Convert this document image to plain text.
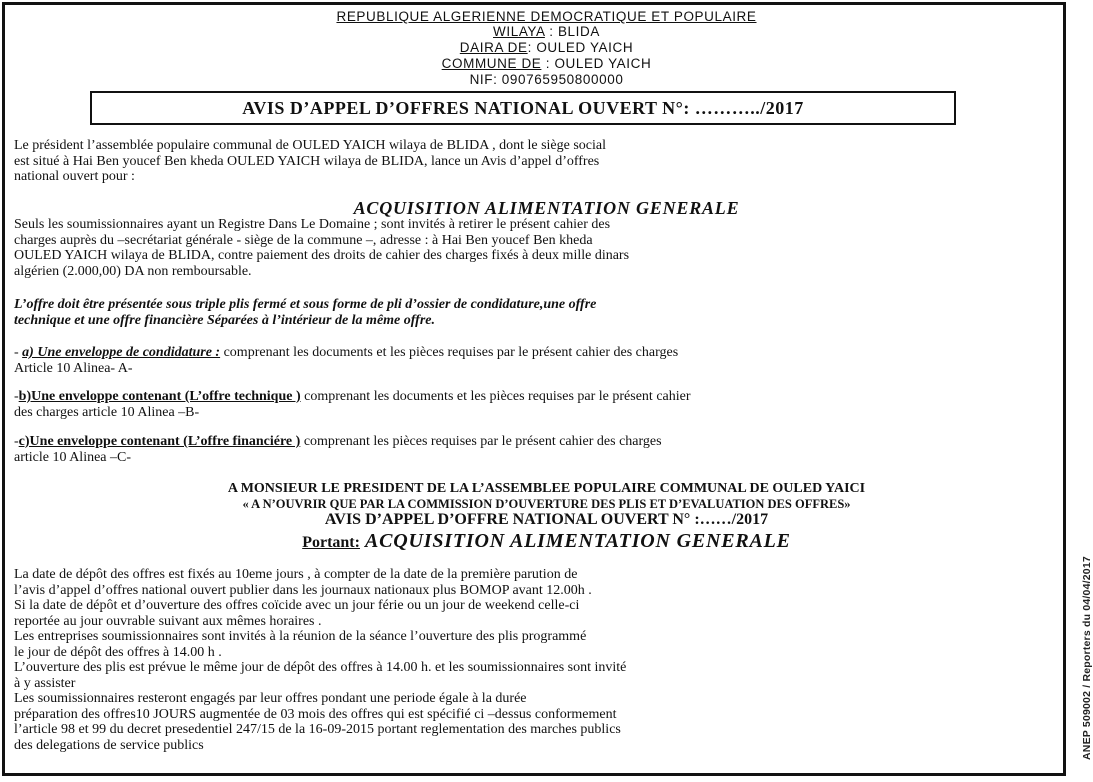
ANEP 509002 / Reporters du 04/04/2017
REPUBLIQUE ALGERIENNE DEMOCRATIQUE ET POPULAIRE
WILAYA : BLIDA
DAIRA DE: OULED YAICH
COMMUNE DE : OULED YAICH
NIF: 090765950800000
AVIS D’APPEL D’OFFRES NATIONAL OUVERT N°: ………../2017
Le président l’assemblée populaire communal de OULED YAICH wilaya de BLIDA , dont le siège social
est situé à Hai Ben youcef Ben kheda OULED YAICH wilaya de BLIDA, lance un Avis d’appel d’offres
national ouvert pour :
ACQUISITION ALIMENTATION GENERALE
Seuls les soumissionnaires ayant un Registre Dans Le Domaine ; sont invités à retirer le présent cahier des
charges auprès du –secrétariat générale - siège de la commune –, adresse : à Hai Ben youcef Ben kheda
OULED YAICH wilaya de BLIDA, contre paiement des droits de cahier des charges fixés à deux mille dinars
algérien (2.000,00) DA non remboursable.
L’offre doit être présentée sous triple plis fermé et sous forme de pli d’ossier de condidature,une offre
technique et une offre financière Séparées à l’intérieur de la même offre.
- a) Une enveloppe de condidature : comprenant les documents et les pièces requises par le présent cahier des charges
Article 10 Alinea- A-
-b)Une enveloppe contenant (L’offre technique ) comprenant les documents et les pièces requises par le présent cahier
des charges article 10 Alinea –B-
-c)Une enveloppe contenant (L’offre financiére ) comprenant les pièces requises par le présent cahier des charges
article 10 Alinea –C-
A MONSIEUR LE PRESIDENT DE LA L’ASSEMBLEE POPULAIRE COMMUNAL DE OULED YAICI
« A N’OUVRIR QUE PAR LA COMMISSION D’OUVERTURE DES PLIS ET D’EVALUATION DES OFFRES»
AVIS D’APPEL D’OFFRE NATIONAL OUVERT N° :……/2017
Portant: ACQUISITION ALIMENTATION GENERALE
La date de dépôt des offres est fixés au 10eme jours , à compter de la date de la première parution de
l’avis d’appel d’offres national ouvert publier dans les journaux nationaux plus BOMOP avant 12.00h .
Si la date de dépôt et d’ouverture des offres coïcide avec un jour férie ou un jour de weekend celle-ci
reportée au jour ouvrable suivant aux mêmes horaires .
Les entreprises soumissionnaires sont invités à la réunion de la séance l’ouverture des plis programmé
le jour de dépôt des offres à 14.00 h .
L’ouverture des plis est prévue le même jour de dépôt des offres à 14.00 h. et les soumissionnaires sont invité
à y assister
Les soumissionnaires resteront engagés par leur offres pondant une periode égale à la durée
préparation des offres10 JOURS augmentée de 03 mois des offres qui est spécifié ci –dessus conformement
l’article 98 et 99 du decret presedentiel 247/15 de la 16-09-2015 portant reglementation des marches publics
des delegations de service publics
